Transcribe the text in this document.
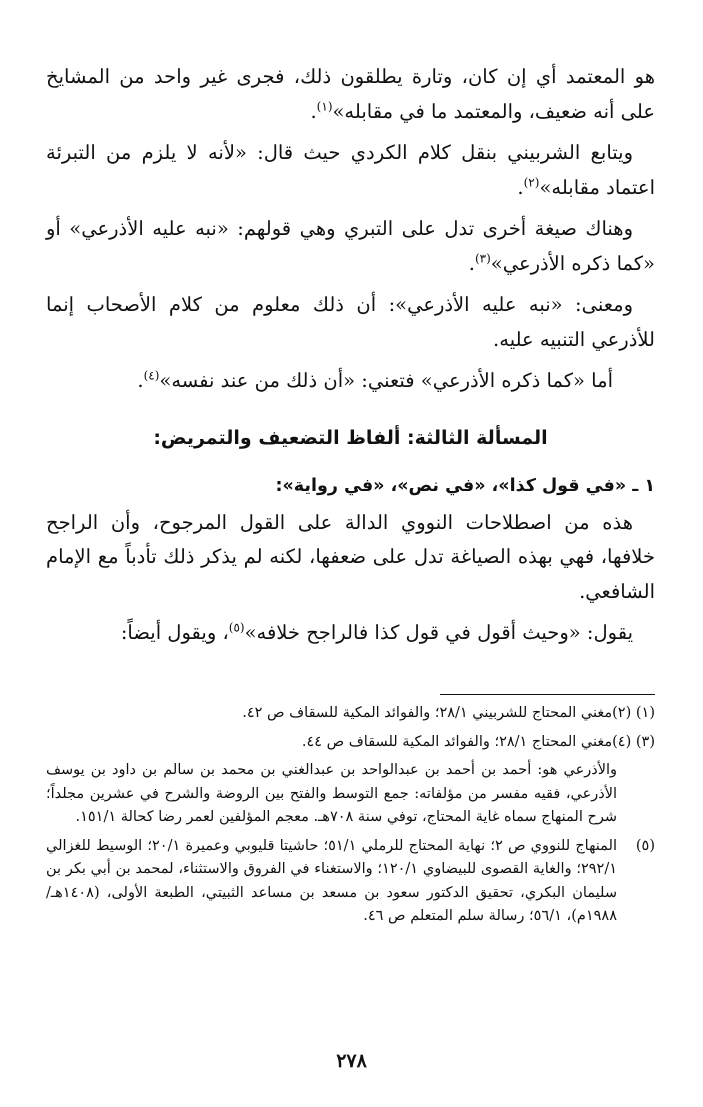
هو المعتمد أي إن كان، وتارة يطلقون ذلك، فجرى غير واحد من المشايخ على أنه ضعيف، والمعتمد ما في مقابله»$^{(١)}$.

ويتابع الشربيني بنقل كلام الكردي حيث قال: «لأنه لا يلزم من التبرئة اعتماد مقابله»$^{(٢)}$.

وهناك صيغة أخرى تدل على التبري وهي قولهم: «نبه عليه الأذرعي» أو «كما ذكره الأذرعي»$^{(٣)}$.

ومعنى: «نبه عليه الأذرعي»: أن ذلك معلوم من كلام الأصحاب إنما للأذرعي التنبيه عليه.

أما «كما ذكره الأذرعي» فتعني: «أن ذلك من عند نفسه»$^{(٤)}$.

المسألة الثالثة: ألفاظ التضعيف والتمريض:
١ ـ «في قول كذا»، «في نص»، «في رواية»:

هذه من اصطلاحات النووي الدالة على القول المرجوح، وأن الراجح خلافها، فهي بهذه الصياغة تدل على ضعفها، لكنه لم يذكر ذلك تأدباً مع الإمام الشافعي.

يقول: «وحيث أقول في قول كذا فالراجح خلافه»$^{(٥)}$، ويقول أيضاً:

(١) (٢)
مغني المحتاج للشربيني ٢٨/١؛ والفوائد المكية للسقاف ص ٤٢.
(٣) (٤)
مغني المحتاج ٢٨/١؛ والفوائد المكية للسقاف ص ٤٤.
والأذرعي هو: أحمد بن أحمد بن عبدالواحد بن عبدالغني بن محمد بن سالم بن داود بن يوسف الأذرعي، فقيه مفسر من مؤلفاته: جمع التوسط والفتح بين الروضة والشرح في عشرين مجلداً؛ شرح المنهاج سماه غاية المحتاج، توفي سنة ٧٠٨هـ. معجم المؤلفين لعمر رضا كحالة ١٥١/١.
(٥)
المنهاج للنووي ص ٢؛ نهاية المحتاج للرملي ٥١/١؛ حاشيتا قليوبي وعميرة ٢٠/١؛ الوسيط للغزالي ٢٩٢/١؛ والغاية القصوى للبيضاوي ١٢٠/١؛ والاستغناء في الفروق والاستثناء، لمحمد بن أبي بكر بن سليمان البكري، تحقيق الدكتور سعود بن مسعد بن مساعد الثبيتي، الطبعة الأولى، (١٤٠٨هـ/١٩٨٨م)، ٥٦/١؛ رسالة سلم المتعلم ص ٤٦.
٢٧٨
